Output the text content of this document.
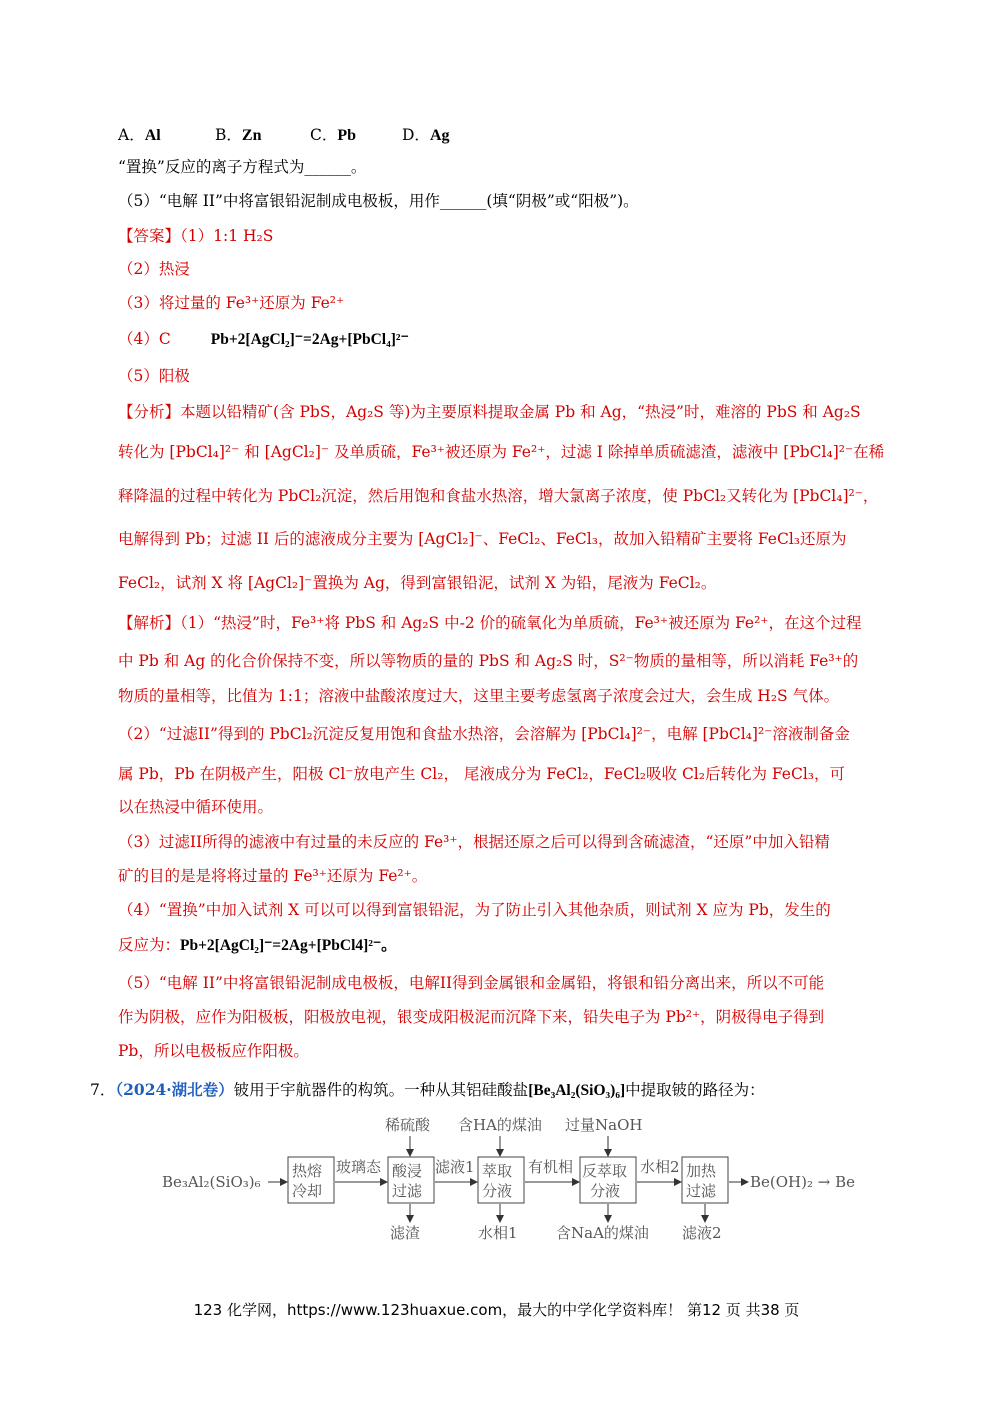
A．Al	B．Zn	C．Pb	D．Ag
“置换”反应的离子方程式为______。
（5）“电解 II”中将富银铅泥制成电极板，用作______(填“阴极”或“阳极”)。
【答案】（1）1:1 H₂S
（2）热浸
（3）将过量的 Fe³⁺还原为 Fe²⁺
（4）C	Pb+2[AgCl₂]⁻=2Ag+[PbCl₄]²⁻
（5）阳极
【分析】本题以铅精矿(含 PbS，Ag₂S 等)为主要原料提取金属 Pb 和 Ag，“热浸”时，难溶的 PbS 和 Ag₂S
转化为 [PbCl₄]²⁻ 和 [AgCl₂]⁻ 及单质硫，Fe³⁺被还原为 Fe²⁺，过滤 I 除掉单质硫滤渣，滤液中 [PbCl₄]²⁻在稀
释降温的过程中转化为 PbCl₂沉淀，然后用饱和食盐水热溶，增大氯离子浓度，使 PbCl₂又转化为 [PbCl₄]²⁻，
电解得到 Pb；过滤 II 后的滤液成分主要为 [AgCl₂]⁻、FeCl₂、FeCl₃，故加入铅精矿主要将 FeCl₃还原为
FeCl₂，试剂 X 将 [AgCl₂]⁻置换为 Ag，得到富银铅泥，试剂 X 为铅，尾液为 FeCl₂。
【解析】（1）“热浸”时，Fe³⁺将 PbS 和 Ag₂S 中-2 价的硫氧化为单质硫，Fe³⁺被还原为 Fe²⁺，在这个过程
中 Pb 和 Ag 的化合价保持不变，所以等物质的量的 PbS 和 Ag₂S 时，S²⁻物质的量相等，所以消耗 Fe³⁺的
物质的量相等，比值为 1:1；溶液中盐酸浓度过大，这里主要考虑氢离子浓度会过大，会生成 H₂S 气体。
（2）“过滤II”得到的 PbCl₂沉淀反复用饱和食盐水热溶，会溶解为 [PbCl₄]²⁻，电解 [PbCl₄]²⁻溶液制备金
属 Pb，Pb 在阴极产生，阳极 Cl⁻放电产生 Cl₂， 尾液成分为 FeCl₂，FeCl₂吸收 Cl₂后转化为 FeCl₃，可
以在热浸中循环使用。
（3）过滤II所得的滤液中有过量的未反应的 Fe³⁺，根据还原之后可以得到含硫滤渣，“还原”中加入铅精
矿的目的是是将将过量的 Fe³⁺还原为 Fe²⁺。
（4）“置换”中加入试剂 X 可以可以得到富银铅泥，为了防止引入其他杂质，则试剂 X 应为 Pb，发生的
反应为：Pb+2[AgCl₂]⁻=2Ag+[PbCl4]²⁻。
（5）“电解 II”中将富银铅泥制成电极板，电解II得到金属银和金属铅，将银和铅分离出来，所以不可能
作为阴极，应作为阳极板，阳极放电视，银变成阳极泥而沉降下来，铅失电子为 Pb²⁺，阴极得电子得到
Pb，所以电极板应作阳极。
7．（2024·湖北卷）铍用于宇航器件的构筑。一种从其铝硅酸盐[Be₃Al₂(SiO₃)₆]中提取铍的路径为：
Be₃Al₂(SiO₃)₆
热熔
冷却
玻璃态 酸浸
过滤
稀硫酸
滤渣
滤液1 萃取
分液
含HA的煤油
水相1
有机相 反萃取
分液
过量NaOH
含NaA的煤油
水相2 加热
过滤
滤液2
Be(OH)₂ → Be
123 化学网，https://www.123huaxue.com，最大的中学化学资料库！ 第12 页 共38 页
